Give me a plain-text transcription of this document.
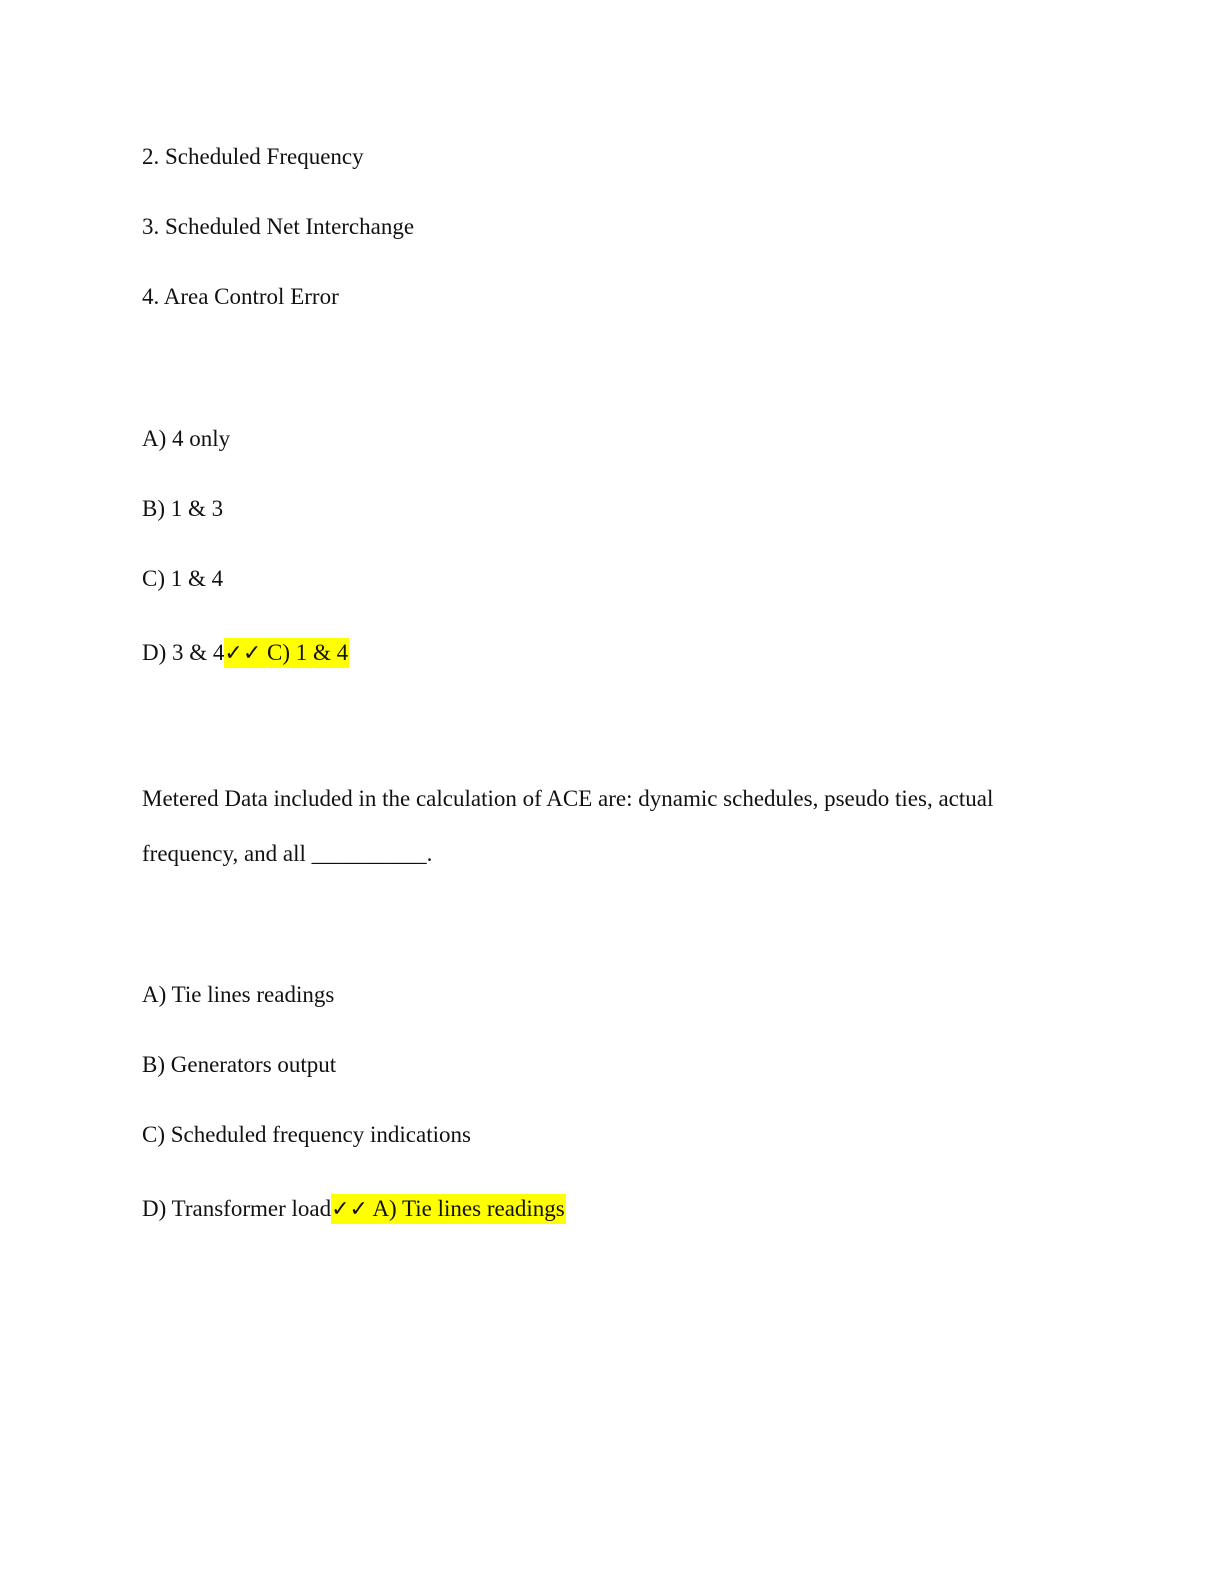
2. Scheduled Frequency
3. Scheduled Net Interchange
4. Area Control Error
A) 4 only
B) 1 & 3
C) 1 & 4
D) 3 & 4✓✓ C) 1 & 4
Metered Data included in the calculation of ACE are: dynamic schedules, pseudo ties, actual
frequency, and all __________.
A) Tie lines readings
B) Generators output
C) Scheduled frequency indications
D) Transformer load✓✓ A) Tie lines readings
